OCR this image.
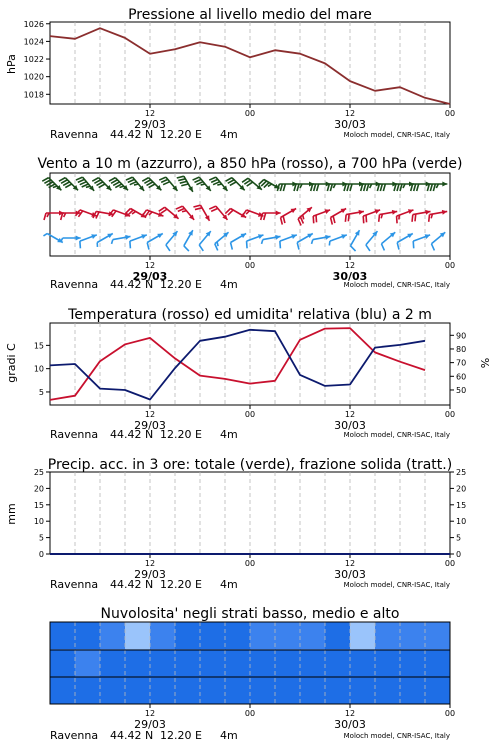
Pressione al livello medio del mare
hPa
1018
1020
1022
1024
1026
12	00	12	00
29/03	30/03
Ravenna 44.42 N 12.20 E 4m	Moloch model, CNR-ISAC, Italy
Vento a 10 m (azzurro), a 850 hPa (rosso), a 700 hPa (verde)
12	00	12	00
29/03	30/03
Ravenna 44.42 N 12.20 E 4m	Moloch model, CNR-ISAC, Italy
Temperatura (rosso) ed umidita' relativa (blu) a 2 m
gradi C	%
5
10
15
50
60
70
80
90
12	00	12	00
29/03	30/03
Ravenna 44.42 N 12.20 E 4m	Moloch model, CNR-ISAC, Italy
Precip. acc. in 3 ore: totale (verde), frazione solida (tratt.)
mm
0
5
10
15
20
25
0
5
10
15
20
25
12	00	12	00
29/03	30/03
Ravenna 44.42 N 12.20 E 4m	Moloch model, CNR-ISAC, Italy
Nuvolosita' negli strati basso, medio e alto
12	00	12	00
29/03	30/03
Ravenna 44.42 N 12.20 E 4m	Moloch model, CNR-ISAC, Italy
